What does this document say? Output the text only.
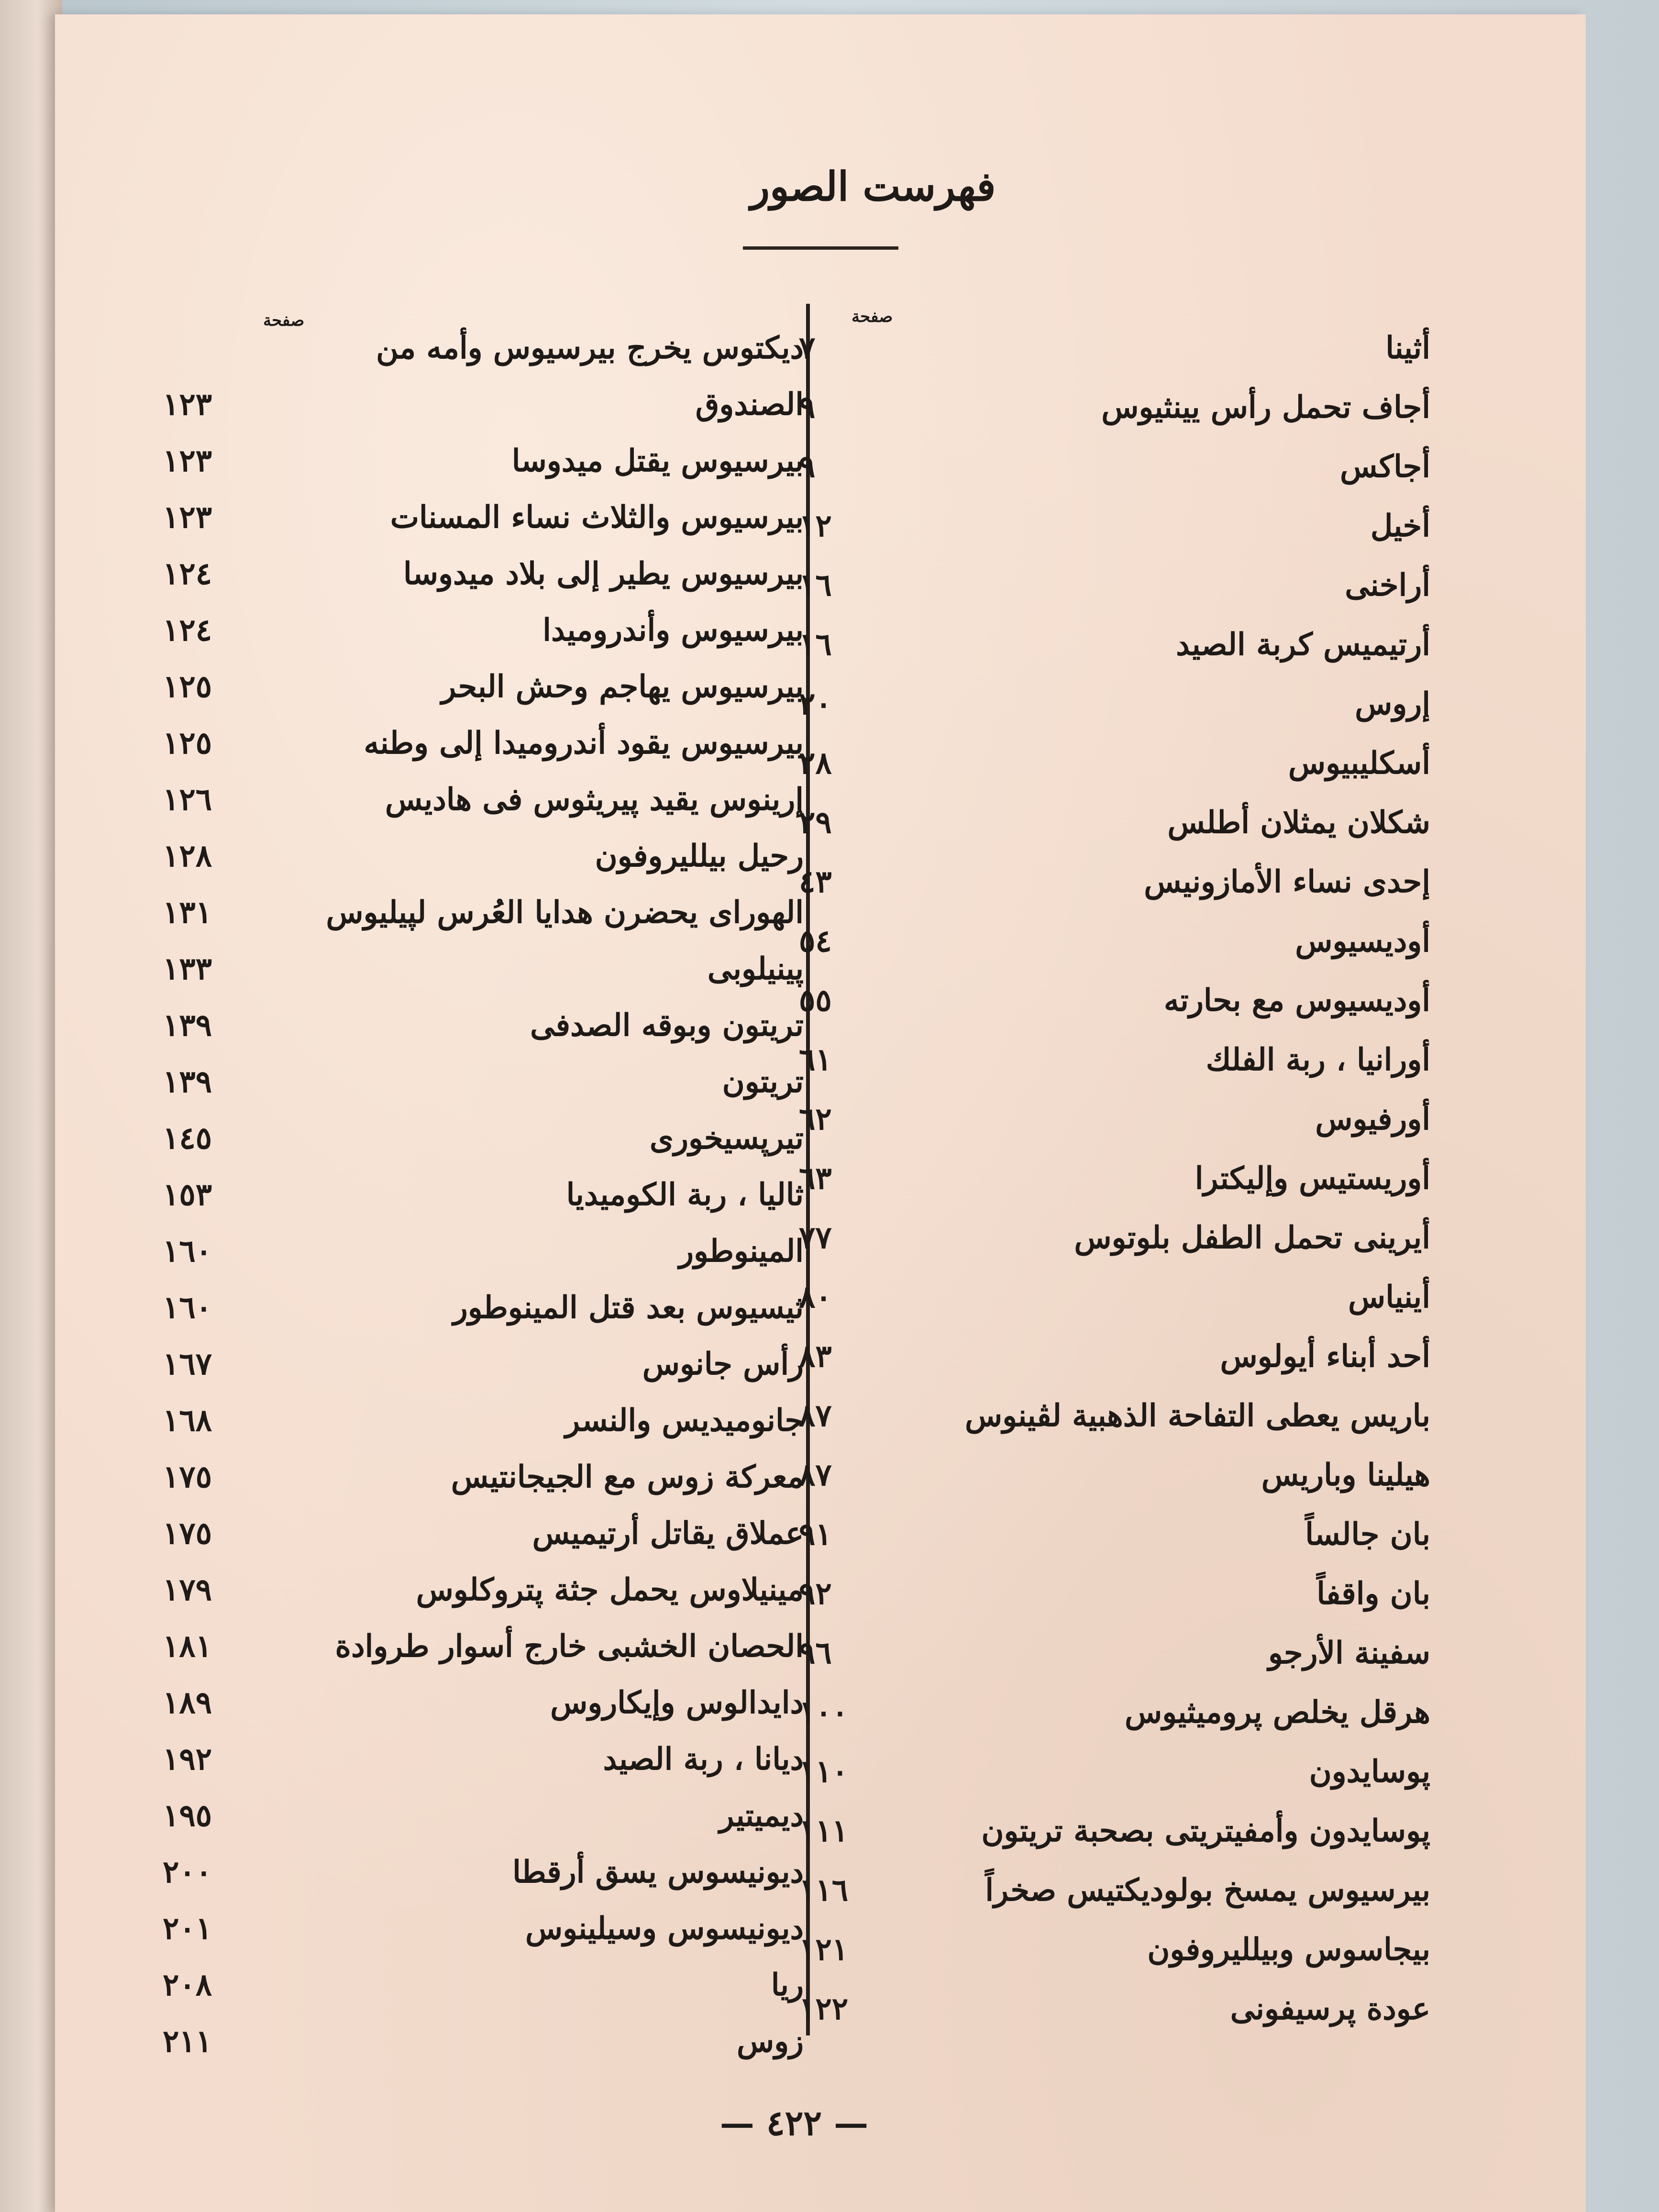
فهرست الصور
صفحة
صفحة
أثينا
٧
أجاف تحمل رأس يينثيوس
٩
أجاكس
٩
أخيل
١٢
أراخنى
١٦
أرتيميس كربة الصيد
١٦
إروس
٢٠
أسكليبيوس
٢٨
شكلان يمثلان أطلس
٢٩
إحدى نساء الأمازونيس
٤٣
أوديسيوس
٥٤
أوديسيوس مع بحارته
٥٥
أورانيا ، ربة الفلك
٦١
أورفيوس
٦٢
أوريستيس وإليكترا
٦٣
أيرينى تحمل الطفل بلوتوس
٧٧
أينياس
٨٠
أحد أبناء أيولوس
٨٣
باريس يعطى التفاحة الذهبية لڤينوس
٨٧
هيلينا وباريس
٨٧
بان جالساً
٩١
بان واقفاً
٩٢
سفينة الأرجو
٩٦
هرقل يخلص پروميثيوس
١٠٠
پوسايدون
١١٠
پوسايدون وأمفيتريتى بصحبة تريتون
١١١
بيرسيوس يمسخ بولوديكتيس صخراً
١١٦
بيجاسوس وبيلليروفون
١٢١
عودة پرسيفونى
١٢٢
ديكتوس يخرج بيرسيوس وأمه من
الصندوق
١٢٣
بيرسيوس يقتل ميدوسا
١٢٣
بيرسيوس والثلاث نساء المسنات
١٢٣
بيرسيوس يطير إلى بلاد ميدوسا
١٢٤
بيرسيوس وأندروميدا
١٢٤
بيرسيوس يهاجم وحش البحر
١٢٥
بيرسيوس يقود أندروميدا إلى وطنه
١٢٥
إرينوس يقيد پيريثوس فى هاديس
١٢٦
رحيل بيلليروفون
١٢٨
الهوراى يحضرن هدايا العُرس لپيليوس
١٣١
پينيلوبى
١٣٣
تريتون وبوقه الصدفى
١٣٩
تريتون
١٣٩
تيرپسيخورى
١٤٥
ثاليا ، ربة الكوميديا
١٥٣
المينوطور
١٦٠
ثيسيوس بعد قتل المينوطور
١٦٠
رأس جانوس
١٦٧
جانوميديس والنسر
١٦٨
معركة زوس مع الجيجانتيس
١٧٥
عملاق يقاتل أرتيميس
١٧٥
مينيلاوس يحمل جثة پتروكلوس
١٧٩
الحصان الخشبى خارج أسوار طروادة
١٨١
دايدالوس وإيكاروس
١٨٩
ديانا ، ربة الصيد
١٩٢
ديميتير
١٩٥
ديونيسوس يسق أرقطا
٢٠٠
ديونيسوس وسيلينوس
٢٠١
ريا
٢٠٨
زوس
٢١١
— ٤٢٢ —
